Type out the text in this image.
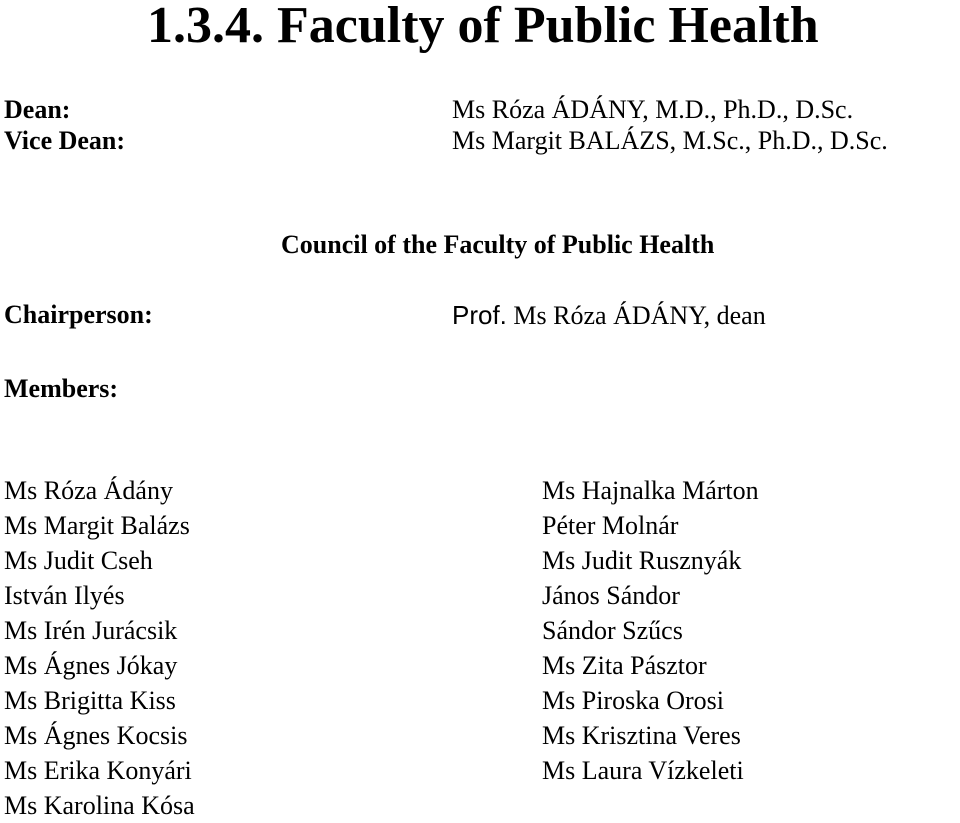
1.3.4. Faculty of Public Health
Dean:	Ms Róza ÁDÁNY, M.D., Ph.D., D.Sc.
Vice Dean:	Ms Margit BALÁZS, M.Sc., Ph.D., D.Sc.
Council of the Faculty of Public Health
Chairperson:	Prof. Ms Róza ÁDÁNY, dean
Members:
Ms Róza Ádány
Ms Margit Balázs
Ms Judit Cseh
István Ilyés
Ms Irén Jurácsik
Ms Ágnes Jókay
Ms Brigitta Kiss
Ms Ágnes Kocsis
Ms Erika Konyári
Ms Karolina Kósa
Ms Hajnalka Márton
Péter Molnár
Ms Judit Rusznyák
János Sándor
Sándor Szűcs
Ms Zita Pásztor
Ms Piroska Orosi
Ms Krisztina Veres
Ms Laura Vízkeleti
